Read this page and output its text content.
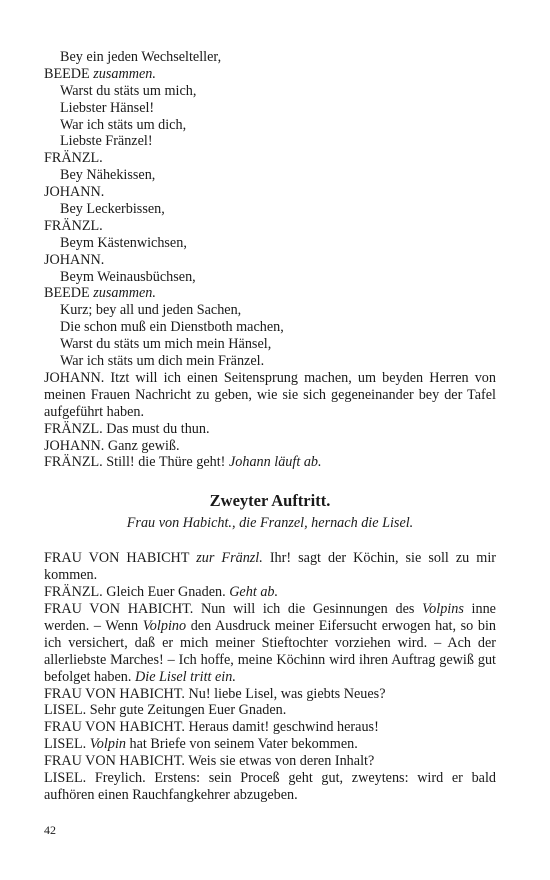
Bey ein jeden Wechselteller,
BEEDE zusammen.
Warst du stäts um mich,
Liebster Hänsel!
War ich stäts um dich,
Liebste Fränzel!
FRÄNZL.
Bey Nähekissen,
JOHANN.
Bey Leckerbissen,
FRÄNZL.
Beym Kästenwichsen,
JOHANN.
Beym Weinausbüchsen,
BEEDE zusammen.
Kurz; bey all und jeden Sachen,
Die schon muß ein Dienstboth machen,
Warst du stäts um mich mein Hänsel,
War ich stäts um dich mein Fränzel.
JOHANN. Itzt will ich einen Seitensprung machen, um beyden Herren von meinen Frauen Nachricht zu geben, wie sie sich gegeneinander bey der Tafel aufgeführt haben.
FRÄNZL. Das must du thun.
JOHANN. Ganz gewiß.
FRÄNZL. Still! die Thüre geht! Johann läuft ab.
Zweyter Auftritt.
Frau von Habicht., die Franzel, hernach die Lisel.
FRAU VON HABICHT zur Fränzl. Ihr! sagt der Köchin, sie soll zu mir kommen.
FRÄNZL. Gleich Euer Gnaden. Geht ab.
FRAU VON HABICHT. Nun will ich die Gesinnungen des Volpins inne werden. – Wenn Volpino den Ausdruck meiner Eifersucht erwogen hat, so bin ich versichert, daß er mich meiner Stieftochter vorziehen wird. – Ach der allerliebste Marches! – Ich hoffe, meine Köchinn wird ihren Auftrag gewiß gut befolget haben. Die Lisel tritt ein.
FRAU VON HABICHT. Nu! liebe Lisel, was giebts Neues?
LISEL. Sehr gute Zeitungen Euer Gnaden.
FRAU VON HABICHT. Heraus damit! geschwind heraus!
LISEL. Volpin hat Briefe von seinem Vater bekommen.
FRAU VON HABICHT. Weis sie etwas von deren Inhalt?
LISEL. Freylich. Erstens: sein Proceß geht gut, zweytens: wird er bald aufhören einen Rauchfangkehrer abzugeben.
42
